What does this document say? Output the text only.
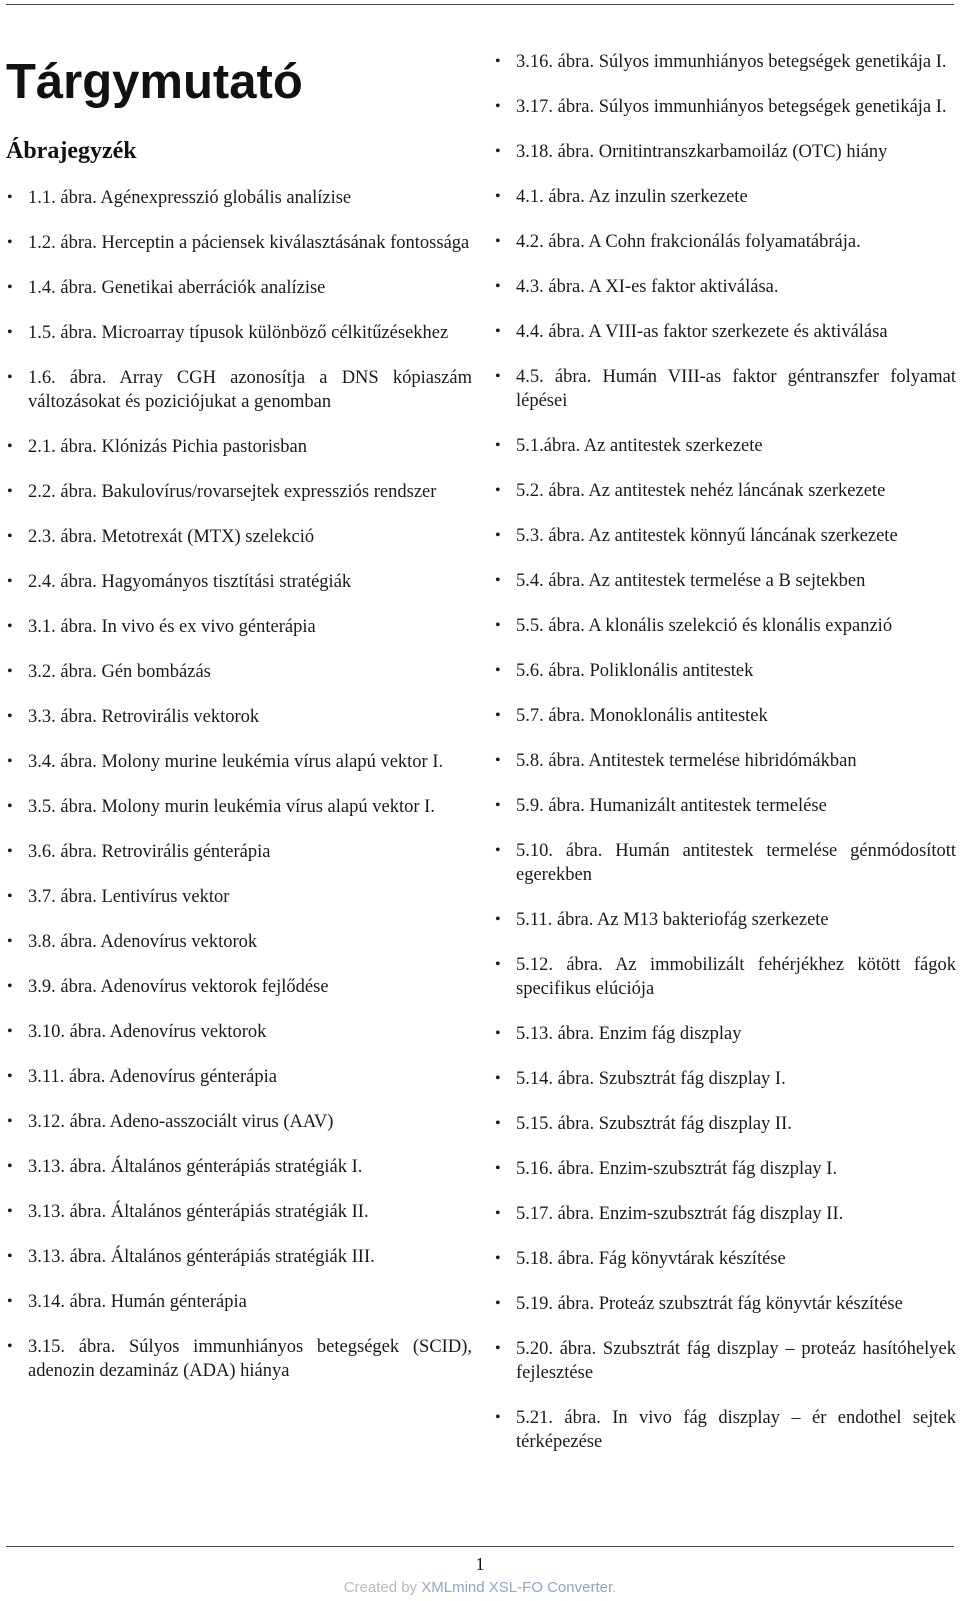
Tárgymutató
Ábrajegyzék
• 1.1. ábra. Agénexpresszió globális analízise
• 1.2. ábra. Herceptin a páciensek kiválasztásának fontossága
• 1.4. ábra. Genetikai aberrációk analízise
• 1.5. ábra. Microarray típusok különböző célkitűzésekhez
• 1.6. ábra. Array CGH azonosítja a DNS kópiaszám változásokat és poziciójukat a genomban
• 2.1. ábra. Klónizás Pichia pastorisban
• 2.2. ábra. Bakulovírus/rovarsejtek expressziós rendszer
• 2.3. ábra. Metotrexát (MTX) szelekció
• 2.4. ábra. Hagyományos tisztítási stratégiák
• 3.1. ábra. In vivo és ex vivo génterápia
• 3.2. ábra. Gén bombázás
• 3.3. ábra. Retrovirális vektorok
• 3.4. ábra. Molony murine leukémia vírus alapú vektor I.
• 3.5. ábra. Molony murin leukémia vírus alapú vektor I.
• 3.6. ábra. Retrovirális génterápia
• 3.7. ábra. Lentivírus vektor
• 3.8. ábra. Adenovírus vektorok
• 3.9. ábra. Adenovírus vektorok fejlődése
• 3.10. ábra. Adenovírus vektorok
• 3.11. ábra. Adenovírus génterápia
• 3.12. ábra. Adeno-asszociált virus (AAV)
• 3.13. ábra. Általános génterápiás stratégiák I.
• 3.13. ábra. Általános génterápiás stratégiák II.
• 3.13. ábra. Általános génterápiás stratégiák III.
• 3.14. ábra. Humán génterápia
• 3.15. ábra. Súlyos immunhiányos betegségek (SCID), adenozin dezamináz (ADA) hiánya
• 3.16. ábra. Súlyos immunhiányos betegségek genetikája I.
• 3.17. ábra. Súlyos immunhiányos betegségek genetikája I.
• 3.18. ábra. Ornitintranszkarbamoiláz (OTC) hiány
• 4.1. ábra. Az inzulin szerkezete
• 4.2. ábra. A Cohn frakcionálás folyamatábrája.
• 4.3. ábra. A XI-es faktor aktiválása.
• 4.4. ábra. A VIII-as faktor szerkezete és aktiválása
• 4.5. ábra. Humán VIII-as faktor géntranszfer folyamat lépései
• 5.1.ábra. Az antitestek szerkezete
• 5.2. ábra. Az antitestek nehéz láncának szerkezete
• 5.3. ábra. Az antitestek könnyű láncának szerkezete
• 5.4. ábra. Az antitestek termelése a B sejtekben
• 5.5. ábra. A klonális szelekció és klonális expanzió
• 5.6. ábra. Poliklonális antitestek
• 5.7. ábra. Monoklonális antitestek
• 5.8. ábra. Antitestek termelése hibridómákban
• 5.9. ábra. Humanizált antitestek termelése
• 5.10. ábra. Humán antitestek termelése génmódosított egerekben
• 5.11. ábra. Az M13 bakteriofág szerkezete
• 5.12. ábra. Az immobilizált fehérjékhez kötött fágok specifikus elúciója
• 5.13. ábra. Enzim fág diszplay
• 5.14. ábra. Szubsztrát fág diszplay I.
• 5.15. ábra. Szubsztrát fág diszplay II.
• 5.16. ábra. Enzim-szubsztrát fág diszplay I.
• 5.17. ábra. Enzim-szubsztrát fág diszplay II.
• 5.18. ábra. Fág könyvtárak készítése
• 5.19. ábra. Proteáz szubsztrát fág könyvtár készítése
• 5.20. ábra. Szubsztrát fág diszplay – proteáz hasítóhelyek fejlesztése
• 5.21. ábra. In vivo fág diszplay – ér endothel sejtek térképezése
1
Created by XMLmind XSL-FO Converter.
